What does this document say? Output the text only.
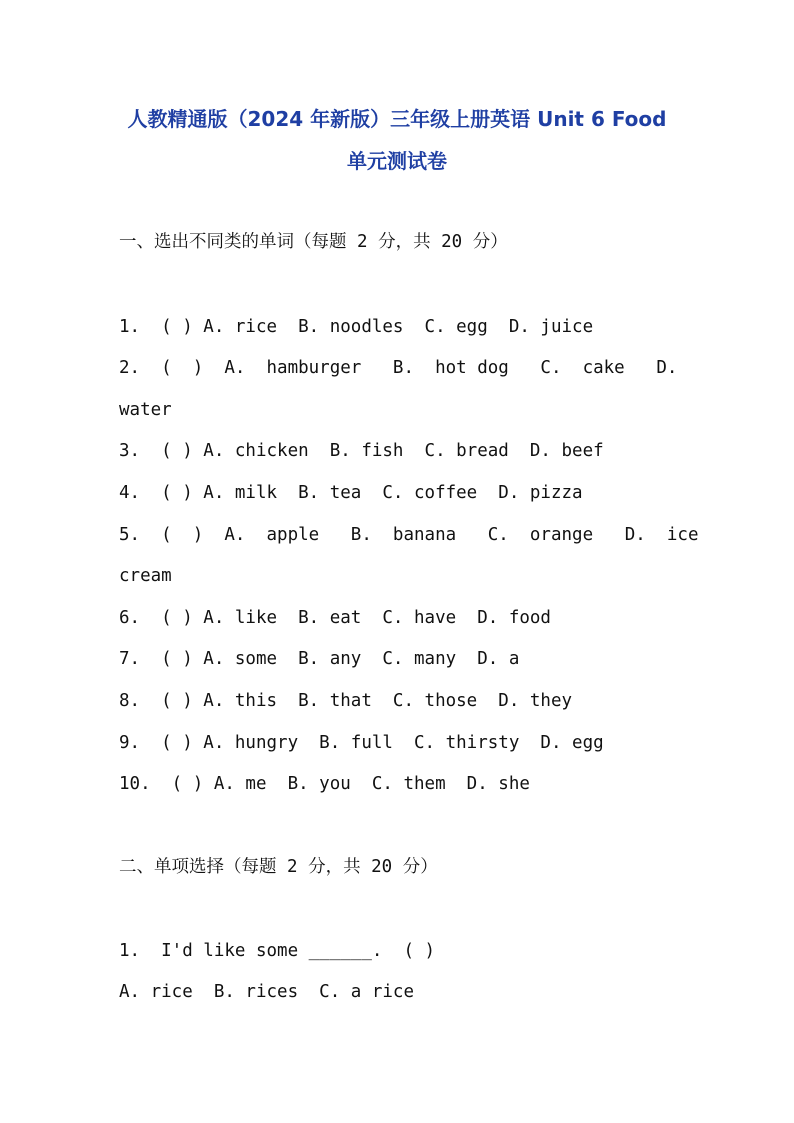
人教精通版（2024 年新版）三年级上册英语 Unit 6 Food
单元测试卷
一、选出不同类的单词（每题 2 分，共 20 分）
1.  ( ) A. rice  B. noodles  C. egg  D. juice
2.  (  )  A.  hamburger   B.  hot dog   C.  cake   D.
water
3.  ( ) A. chicken  B. fish  C. bread  D. beef
4.  ( ) A. milk  B. tea  C. coffee  D. pizza
5.  (  )  A.  apple   B.  banana   C.  orange   D.  ice
cream
6.  ( ) A. like  B. eat  C. have  D. food
7.  ( ) A. some  B. any  C. many  D. a
8.  ( ) A. this  B. that  C. those  D. they
9.  ( ) A. hungry  B. full  C. thirsty  D. egg
10.  ( ) A. me  B. you  C. them  D. she
二、单项选择（每题 2 分，共 20 分）
1.  I'd like some ______.  ( )
A. rice  B. rices  C. a rice
